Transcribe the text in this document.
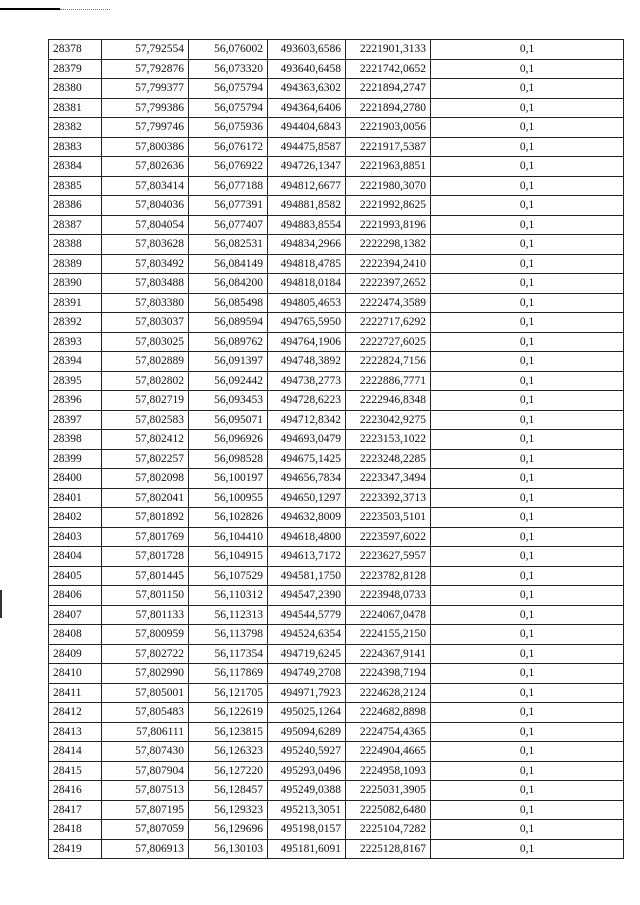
28378	57,792554	56,076002	493603,6586	2221901,3133	0,1
28379	57,792876	56,073320	493640,6458	2221742,0652	0,1
28380	57,799377	56,075794	494363,6302	2221894,2747	0,1
28381	57,799386	56,075794	494364,6406	2221894,2780	0,1
28382	57,799746	56,075936	494404,6843	2221903,0056	0,1
28383	57,800386	56,076172	494475,8587	2221917,5387	0,1
28384	57,802636	56,076922	494726,1347	2221963,8851	0,1
28385	57,803414	56,077188	494812,6677	2221980,3070	0,1
28386	57,804036	56,077391	494881,8582	2221992,8625	0,1
28387	57,804054	56,077407	494883,8554	2221993,8196	0,1
28388	57,803628	56,082531	494834,2966	2222298,1382	0,1
28389	57,803492	56,084149	494818,4785	2222394,2410	0,1
28390	57,803488	56,084200	494818,0184	2222397,2652	0,1
28391	57,803380	56,085498	494805,4653	2222474,3589	0,1
28392	57,803037	56,089594	494765,5950	2222717,6292	0,1
28393	57,803025	56,089762	494764,1906	2222727,6025	0,1
28394	57,802889	56,091397	494748,3892	2222824,7156	0,1
28395	57,802802	56,092442	494738,2773	2222886,7771	0,1
28396	57,802719	56,093453	494728,6223	2222946,8348	0,1
28397	57,802583	56,095071	494712,8342	2223042,9275	0,1
28398	57,802412	56,096926	494693,0479	2223153,1022	0,1
28399	57,802257	56,098528	494675,1425	2223248,2285	0,1
28400	57,802098	56,100197	494656,7834	2223347,3494	0,1
28401	57,802041	56,100955	494650,1297	2223392,3713	0,1
28402	57,801892	56,102826	494632,8009	2223503,5101	0,1
28403	57,801769	56,104410	494618,4800	2223597,6022	0,1
28404	57,801728	56,104915	494613,7172	2223627,5957	0,1
28405	57,801445	56,107529	494581,1750	2223782,8128	0,1
28406	57,801150	56,110312	494547,2390	2223948,0733	0,1
28407	57,801133	56,112313	494544,5779	2224067,0478	0,1
28408	57,800959	56,113798	494524,6354	2224155,2150	0,1
28409	57,802722	56,117354	494719,6245	2224367,9141	0,1
28410	57,802990	56,117869	494749,2708	2224398,7194	0,1
28411	57,805001	56,121705	494971,7923	2224628,2124	0,1
28412	57,805483	56,122619	495025,1264	2224682,8898	0,1
28413	57,806111	56,123815	495094,6289	2224754,4365	0,1
28414	57,807430	56,126323	495240,5927	2224904,4665	0,1
28415	57,807904	56,127220	495293,0496	2224958,1093	0,1
28416	57,807513	56,128457	495249,0388	2225031,3905	0,1
28417	57,807195	56,129323	495213,3051	2225082,6480	0,1
28418	57,807059	56,129696	495198,0157	2225104,7282	0,1
28419	57,806913	56,130103	495181,6091	2225128,8167	0,1
